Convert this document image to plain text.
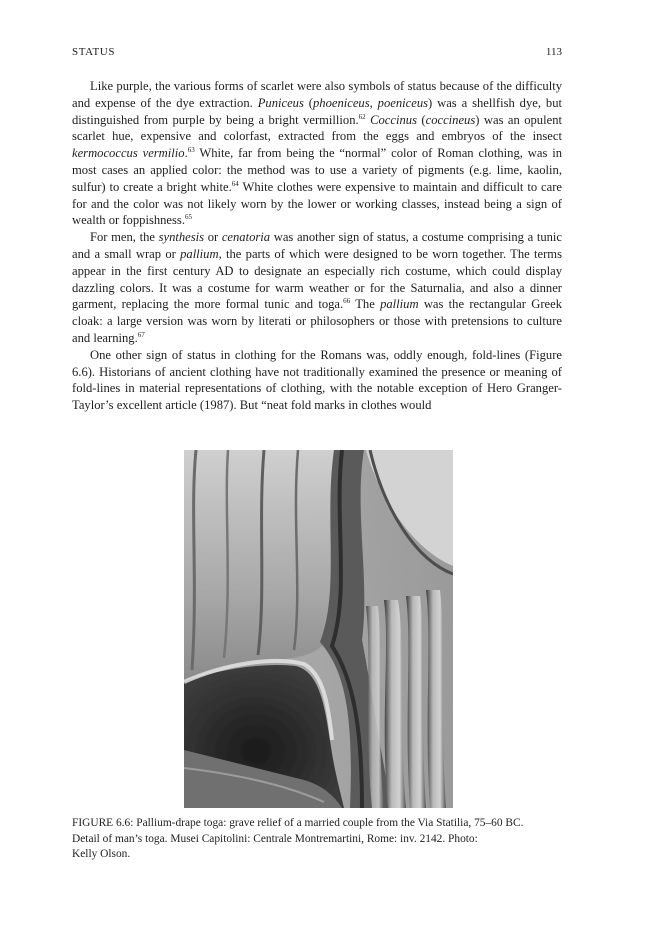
STATUS	113

Like purple, the various forms of scarlet were also symbols of status because of the difficulty and expense of the dye extraction. Puniceus (phoeniceus, poeniceus) was a shellfish dye, but distinguished from purple by being a bright vermillion.$^{62}$ Coccinus (coccineus) was an opulent scarlet hue, expensive and colorfast, extracted from the eggs and embryos of the insect kermococcus vermilio.$^{63}$ White, far from being the “normal” color of Roman clothing, was in most cases an applied color: the method was to use a variety of pigments (e.g. lime, kaolin, sulfur) to create a bright white.$^{64}$ White clothes were expensive to maintain and difficult to care for and the color was not likely worn by the lower or working classes, instead being a sign of wealth or foppishness.$^{65}$

For men, the synthesis or cenatoria was another sign of status, a costume comprising a tunic and a small wrap or pallium, the parts of which were designed to be worn together. The terms appear in the first century AD to designate an especially rich costume, which could display dazzling colors. It was a costume for warm weather or for the Saturnalia, and also a dinner garment, replacing the more formal tunic and toga.$^{66}$ The pallium was the rectangular Greek cloak: a large version was worn by literati or philosophers or those with pretensions to culture and learning.$^{67}$

One other sign of status in clothing for the Romans was, oddly enough, fold-lines (Figure 6.6). Historians of ancient clothing have not traditionally examined the presence or meaning of fold-lines in material representations of clothing, with the notable exception of Hero Granger-Taylor’s excellent article (1987). But “neat fold marks in clothes would

FIGURE 6.6: Pallium-drape toga: grave relief of a married couple from the Via Statilia, 75–60 BC.
Detail of man’s toga. Musei Capitolini: Centrale Montremartini, Rome: inv. 2142. Photo:
Kelly Olson.
